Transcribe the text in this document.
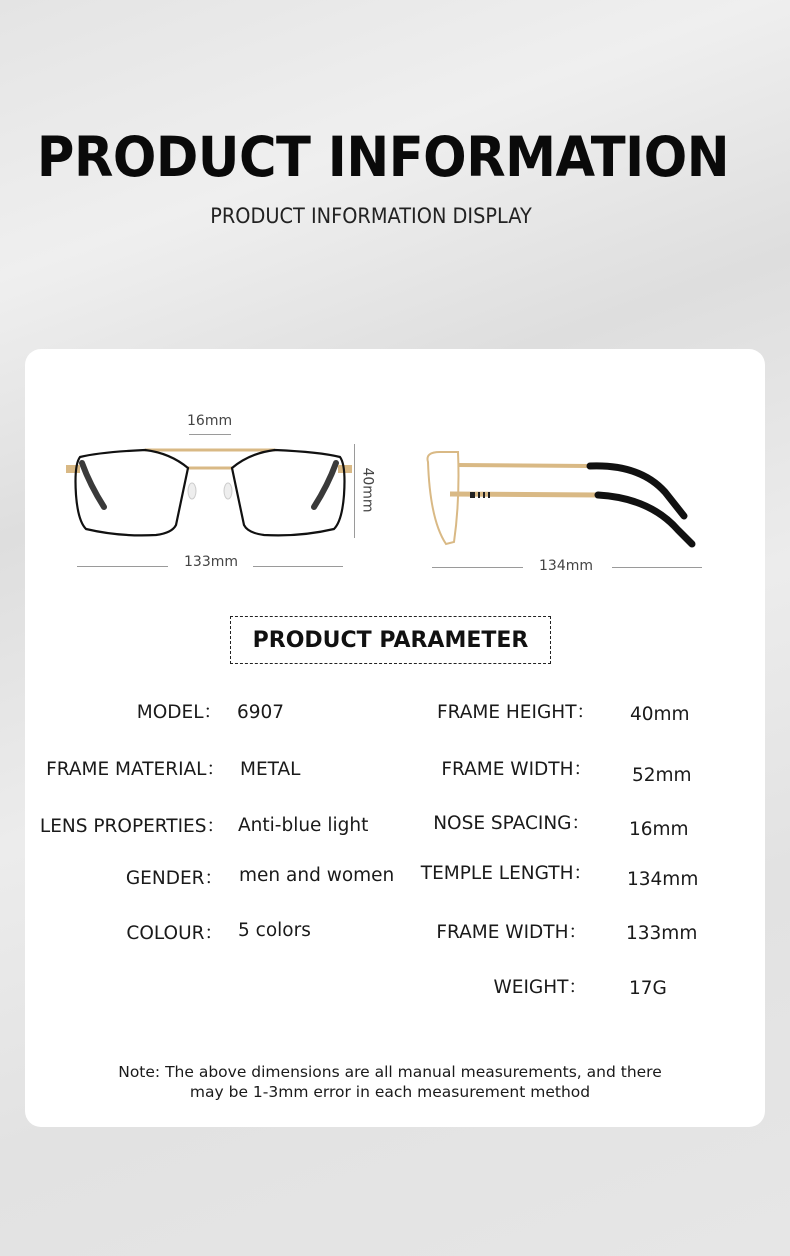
PRODUCT INFORMATION
PRODUCT INFORMATION DISPLAY
16mm
40mm
133mm	134mm
PRODUCT PARAMETER
MODEL： 6907
FRAME MATERIAL： METAL
LENS PROPERTIES： Anti-blue light
GENDER： men and women
COLOUR： 5 colors
FRAME HEIGHT： 40mm
FRAME WIDTH： 52mm
NOSE SPACING： 16mm
TEMPLE LENGTH： 134mm
FRAME WIDTH： 133mm
WEIGHT： 17G
Note: The above dimensions are all manual measurements, and there
may be 1-3mm error in each measurement method
